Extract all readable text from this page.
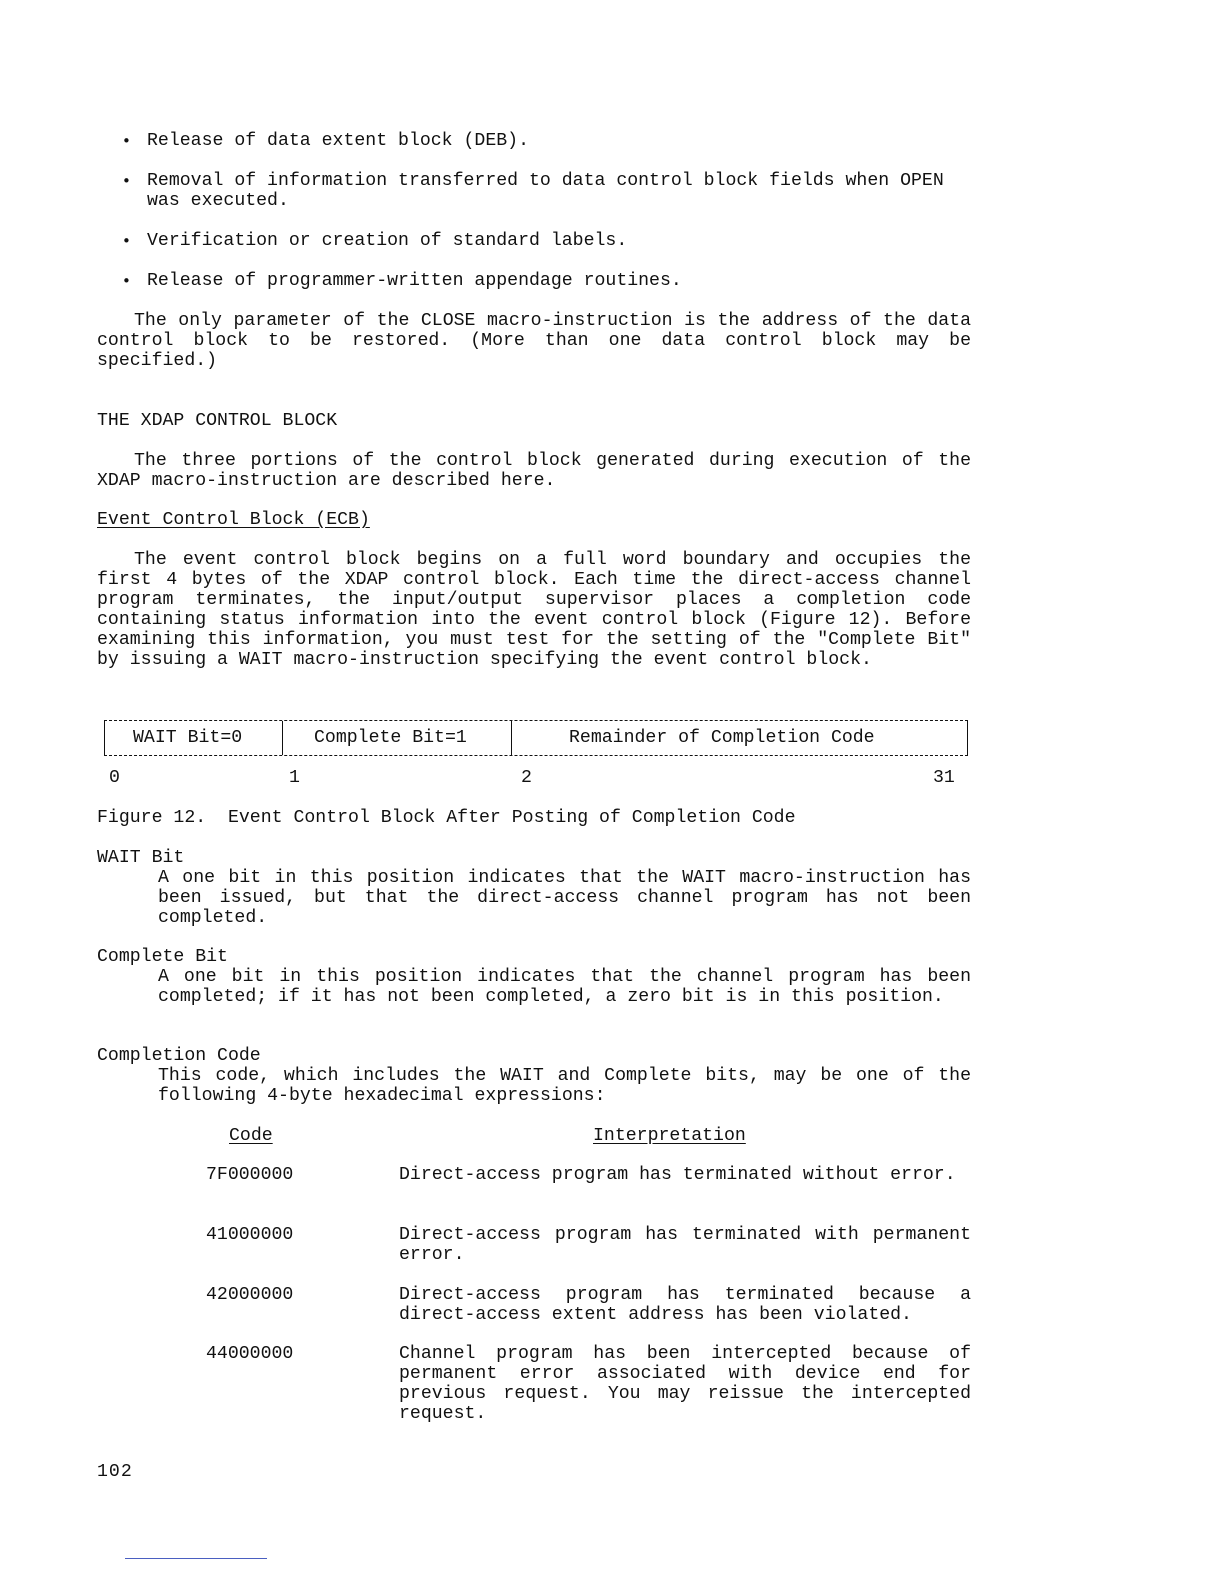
• Release of data extent block (DEB).
• Removal of information transferred to data control block fields when OPEN was executed.
• Verification or creation of standard labels.
• Release of programmer-written appendage routines.

The only parameter of the CLOSE macro-instruction is the address of the data control block to be restored. (More than one data control block may be specified.)

THE XDAP CONTROL BLOCK

The three portions of the control block generated during execution of the XDAP macro-instruction are described here.

Event Control Block (ECB)

The event control block begins on a full word boundary and occupies the first 4 bytes of the XDAP control block. Each time the direct-access channel program terminates, the input/output supervisor places a completion code containing status information into the event control block (Figure 12). Before examining this information, you must test for the setting of the "Complete Bit" by issuing a WAIT macro-instruction specifying the event control block.

WAIT Bit=0	Complete Bit=1	Remainder of Completion Code
0	1	2	31
Figure 12.  Event Control Block After Posting of Completion Code
WAIT Bit

A one bit in this position indicates that the WAIT macro-instruction has been issued, but that the direct-access channel program has not been completed.

Complete Bit

A one bit in this position indicates that the channel program has been completed; if it has not been completed, a zero bit is in this position.

Completion Code

This code, which includes the WAIT and Complete bits, may be one of the following 4-byte hexadecimal expressions:

Code	Interpretation
7F000000	Direct-access program has terminated without error.

41000000	Direct-access program has terminated with permanent error.

42000000	Direct-access program has terminated because a direct-access extent address has been violated.

44000000	Channel program has been intercepted because of permanent error associated with device end for previous request. You may reissue the intercepted request.

102
